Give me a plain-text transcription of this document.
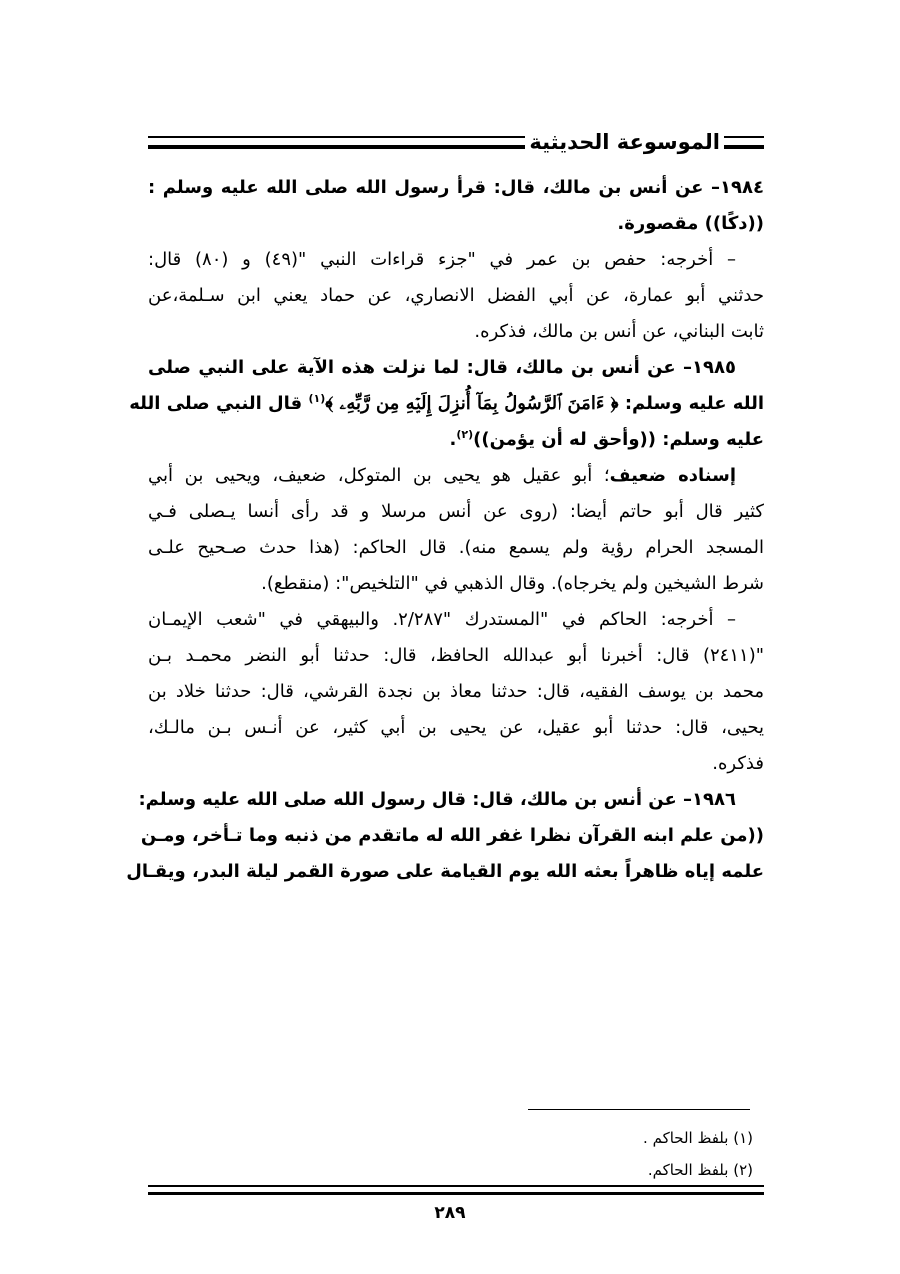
الموسوعة الحديثية
١٩٨٤– عن أنس بن مالك، قال: قرأ رسول الله صلى الله عليه وسلم :
((دكًا)) مقصورة.
– أخرجه: حفص بن عمر في "جزء قراءات النبي "(٤٩) و (٨٠) قال:
حدثني أبو عمارة، عن أبي الفضل الانصاري، عن حماد يعني ابن سـلمة،عن
ثابت البناني، عن أنس بن مالك، فذكره.
١٩٨٥– عن أنس بن مالك، قال: لما نزلت هذه الآية على النبي صلى
الله عليه وسلم: ﴿ ءَامَنَ ٱلرَّسُولُ بِمَآ أُنزِلَ إِلَيۡهِ مِن رَّبِّهِۦ ﴾$^{(١)}$ قال النبي صلى الله
عليه وسلم: ((وأحق له أن يؤمن))$^{(٢)}$.
إسناده ضعيف؛ أبو عقيل هو يحيى بن المتوكل، ضعيف، ويحيى بن أبي
كثير قال أبو حاتم أيضا: (روى عن أنس مرسلا و قد رأى أنسا يـصلى فـي
المسجد الحرام رؤية ولم يسمع منه). قال الحاكم: (هذا حدث صـحيح علـى
شرط الشيخين ولم يخرجاه). وقال الذهبي في "التلخيص": (منقطع).
– أخرجه: الحاكم في "المستدرك "٢/٢٨٧. والبيهقي في "شعب الإيمـان
"(٢٤١١) قال: أخبرنا أبو عبدالله الحافظ، قال: حدثنا أبو النضر محمـد بـن
محمد بن يوسف الفقيه، قال: حدثنا معاذ بن نجدة القرشي، قال: حدثنا خلاد بن
يحيى، قال: حدثنا أبو عقيل، عن يحيى بن أبي كثير، عن أنـس بـن مالـك،
فذكره.
١٩٨٦– عن أنس بن مالك، قال: قال رسول الله صلى الله عليه وسلم:
((من علم ابنه القرآن نظرا غفر الله له ماتقدم من ذنبه وما تـأخر، ومـن
علمه إياه ظاهراً بعثه الله يوم القيامة على صورة القمر ليلة البدر، ويقـال
(١) بلفظ الحاكم .
(٢) بلفظ الحاكم.
٢٨٩
